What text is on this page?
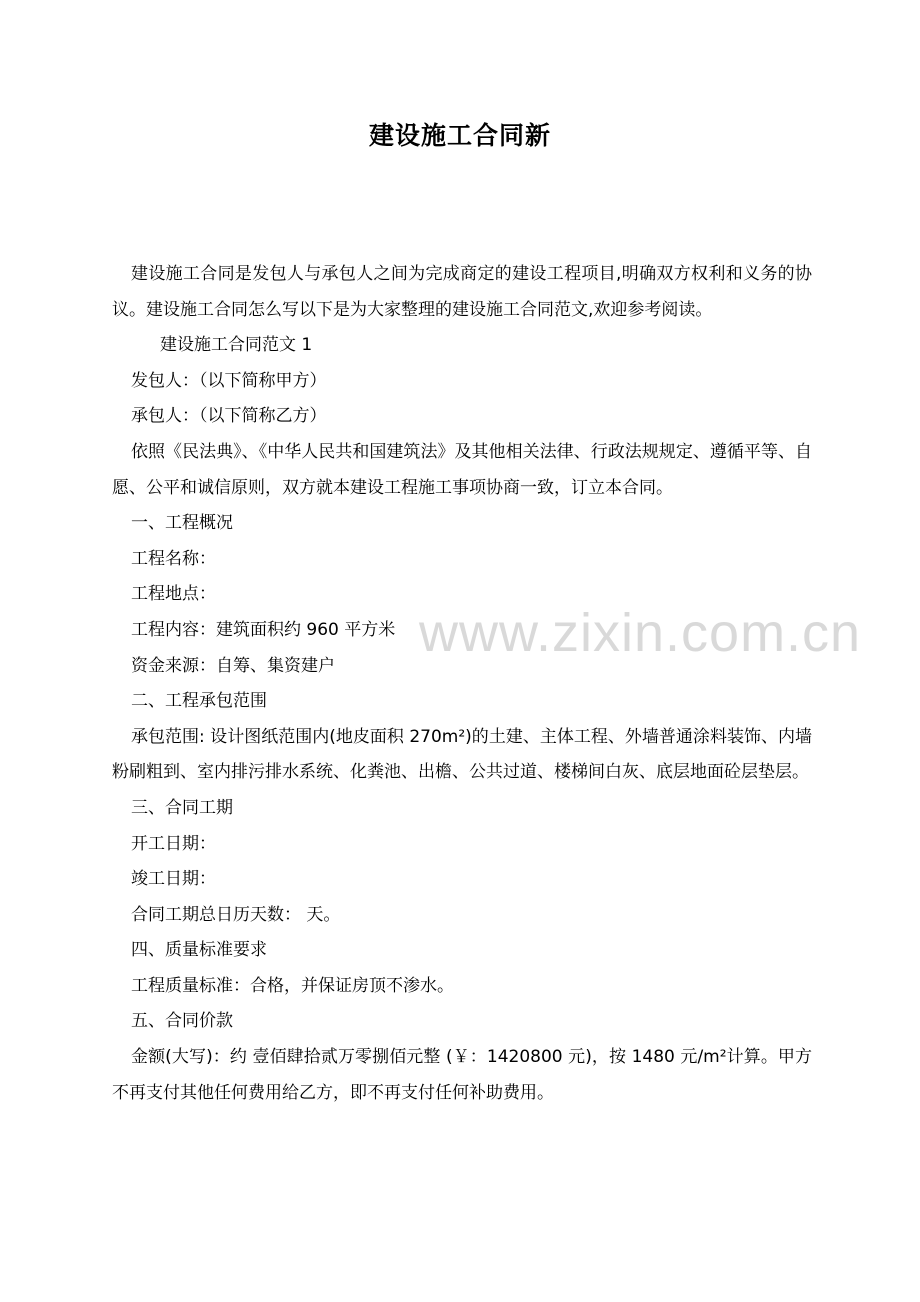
建设施工合同新

建设施工合同是发包人与承包人之间为完成商定的建设工程项目,明确双方权利和义务的协议。建设施工合同怎么写以下是为大家整理的建设施工合同范文,欢迎参考阅读。

建设施工合同范文 1

发包人：（以下简称甲方）

承包人：（以下简称乙方）

依照《民法典》、《中华人民共和国建筑法》及其他相关法律、行政法规规定、遵循平等、自愿、公平和诚信原则，双方就本建设工程施工事项协商一致，订立本合同。

一、工程概况

工程名称：

工程地点：

工程内容：建筑面积约 960 平方米

资金来源：自筹、集资建户

二、工程承包范围

承包范围: 设计图纸范围内(地皮面积 270m²)的土建、主体工程、外墙普通涂料装饰、内墙粉刷粗到、室内排污排水系统、化粪池、出檐、公共过道、楼梯间白灰、底层地面砼层垫层。

三、合同工期

开工日期：

竣工日期：

合同工期总日历天数： 天。

四、质量标准要求

工程质量标准：合格，并保证房顶不渗水。

五、合同价款

金额(大写)：约 壹佰肆拾贰万零捌佰元整 (￥：1420800 元)，按 1480 元/m²计算。甲方不再支付其他任何费用给乙方，即不再支付任何补助费用。

www.zixin.com.cn
